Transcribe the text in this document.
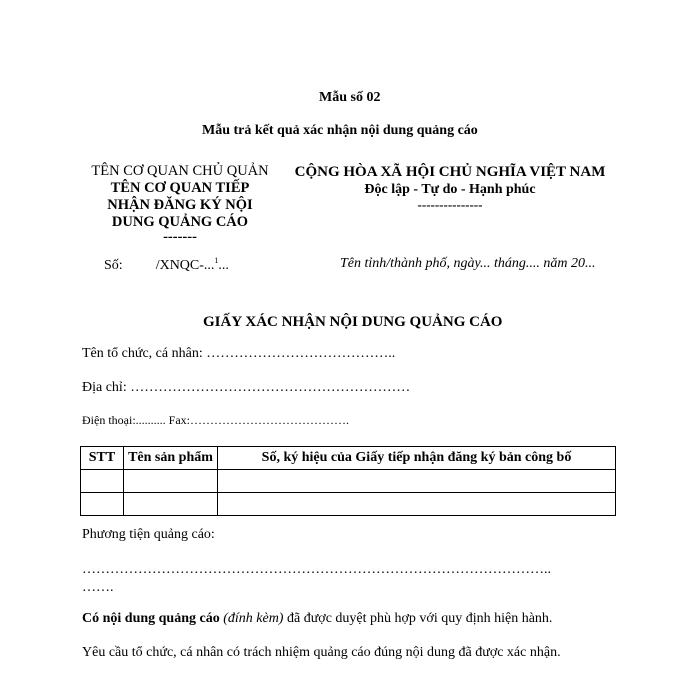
Mẫu số 02
Mẫu trả kết quả xác nhận nội dung quảng cáo
TÊN CƠ QUAN CHỦ QUẢN
TÊN CƠ QUAN TIẾP
NHẬN ĐĂNG KÝ NỘI
DUNG QUẢNG CÁO
-------
CỘNG HÒA XÃ HỘI CHỦ NGHĨA VIỆT NAM
Độc lập - Tự do - Hạnh phúc
---------------
Số: /XNQC-...$^1$...	Tên tỉnh/thành phố, ngày... tháng.... năm 20...
GIẤY XÁC NHẬN NỘI DUNG QUẢNG CÁO
Tên tổ chức, cá nhân: …………………………………..
Địa chỉ: ……………………………………………………
Điện thoại:.......... Fax:………………………………….
STT	Tên sản phẩm	Số, ký hiệu của Giấy tiếp nhận đăng ký bản công bố

Phương tiện quảng cáo:
………………………………………………………………………………………..
…….
Có nội dung quảng cáo (đính kèm) đã được duyệt phù hợp với quy định hiện hành.
Yêu cầu tổ chức, cá nhân có trách nhiệm quảng cáo đúng nội dung đã được xác nhận.
